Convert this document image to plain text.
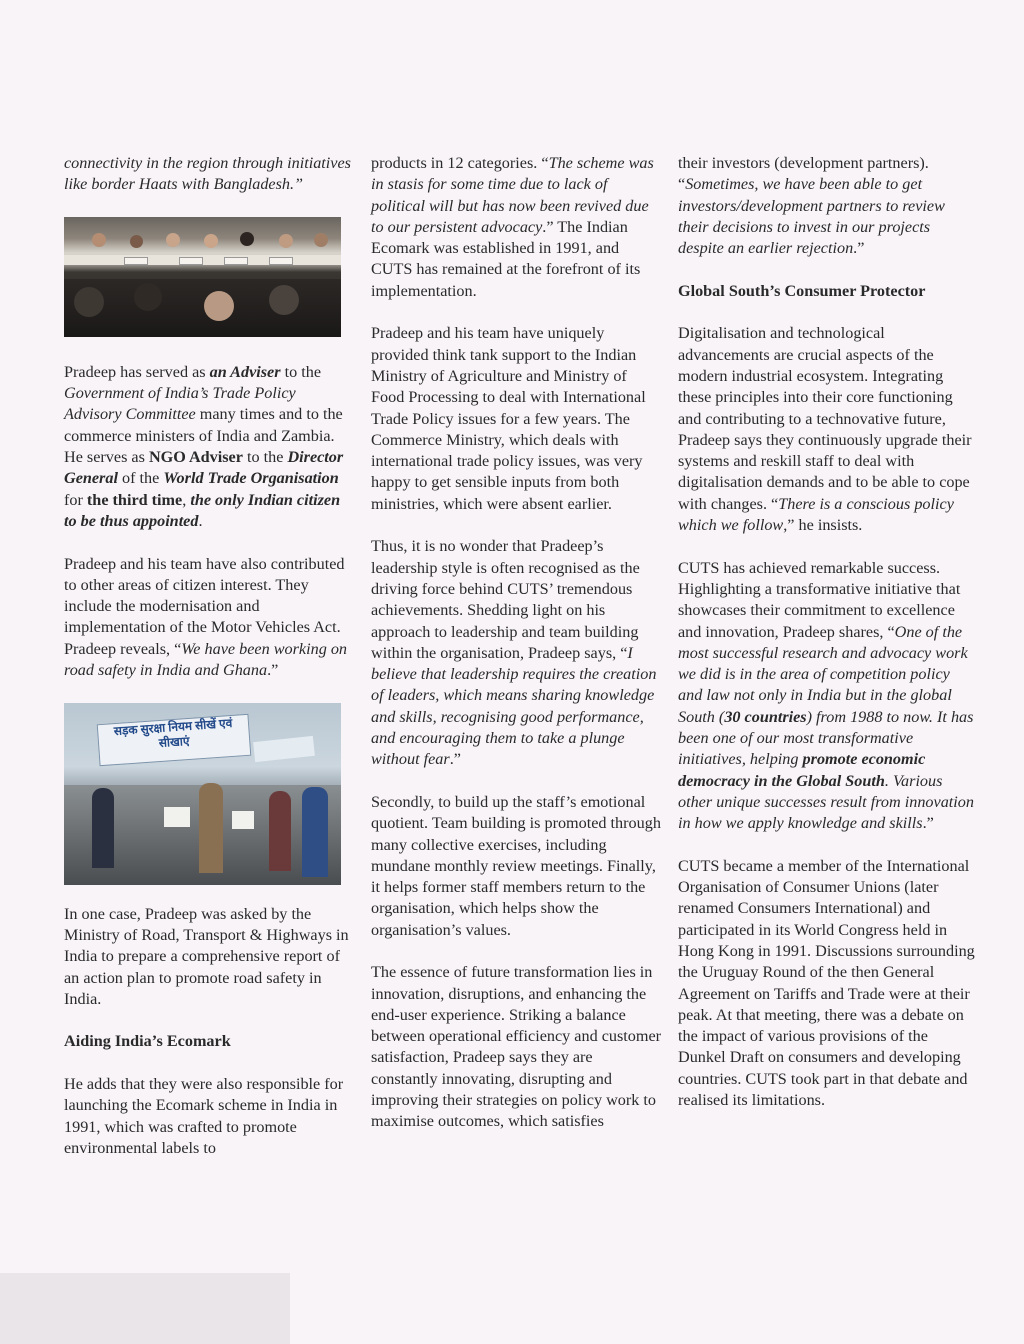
connectivity in the region through initiatives like border Haats with Bangladesh.”

Pradeep has served as an Adviser to the Government of India’s Trade Policy Advisory Committee many times and to the commerce ministers of India and Zambia. He serves as NGO Adviser to the Director General of the World Trade Organisation for the third time, the only Indian citizen to be thus appointed.

Pradeep and his team have also contributed to other areas of citizen interest. They include the modernisation and implementation of the Motor Vehicles Act. Pradeep reveals, “We have been working on road safety in India and Ghana.”

सड़क सुरक्षा नियम सीखें एवं सीखाएं

In one case, Pradeep was asked by the Ministry of Road, Transport & Highways in India to prepare a comprehensive report of an action plan to promote road safety in India.

Aiding India’s Ecomark

He adds that they were also responsible for launching the Ecomark scheme in India in 1991, which was crafted to promote environmental labels to

products in 12 categories. “The scheme was in stasis for some time due to lack of political will but has now been revived due to our persistent advocacy.” The Indian Ecomark was established in 1991, and CUTS has remained at the forefront of its implementation.

Pradeep and his team have uniquely provided think tank support to the Indian Ministry of Agriculture and Ministry of Food Processing to deal with International Trade Policy issues for a few years. The Commerce Ministry, which deals with international trade policy issues, was very happy to get sensible inputs from both ministries, which were absent earlier.

Thus, it is no wonder that Pradeep’s leadership style is often recognised as the driving force behind CUTS’ tremendous achievements. Shedding light on his approach to leadership and team building within the organisation, Pradeep says, “I believe that leadership requires the creation of leaders, which means sharing knowledge and skills, recognising good performance, and encouraging them to take a plunge without fear.”

Secondly, to build up the staff’s emotional quotient. Team building is promoted through many collective exercises, including mundane monthly review meetings. Finally, it helps former staff members return to the organisation, which helps show the organisation’s values.

The essence of future transformation lies in innovation, disruptions, and enhancing the end-user experience. Striking a balance between operational efficiency and customer satisfaction, Pradeep says they are constantly innovating, disrupting and improving their strategies on policy work to maximise outcomes, which satisfies

their investors (development partners). “Sometimes, we have been able to get investors/development partners to review their decisions to invest in our projects despite an earlier rejection.”

Global South’s Consumer Protector

Digitalisation and technological advancements are crucial aspects of the modern industrial ecosystem. Integrating these principles into their core functioning and contributing to a technovative future, Pradeep says they continuously upgrade their systems and reskill staff to deal with digitalisation demands and to be able to cope with changes. “There is a conscious policy which we follow,” he insists.

CUTS has achieved remarkable success. Highlighting a transformative initiative that showcases their commitment to excellence and innovation, Pradeep shares, “One of the most successful research and advocacy work we did is in the area of competition policy and law not only in India but in the global South (30 countries) from 1988 to now. It has been one of our most transformative initiatives, helping promote economic democracy in the Global South. Various other unique successes result from innovation in how we apply knowledge and skills.”

CUTS became a member of the International Organisation of Consumer Unions (later renamed Consumers International) and participated in its World Congress held in Hong Kong in 1991. Discussions surrounding the Uruguay Round of the then General Agreement on Tariffs and Trade were at their peak. At that meeting, there was a debate on the impact of various provisions of the Dunkel Draft on consumers and developing countries. CUTS took part in that debate and realised its limitations.
